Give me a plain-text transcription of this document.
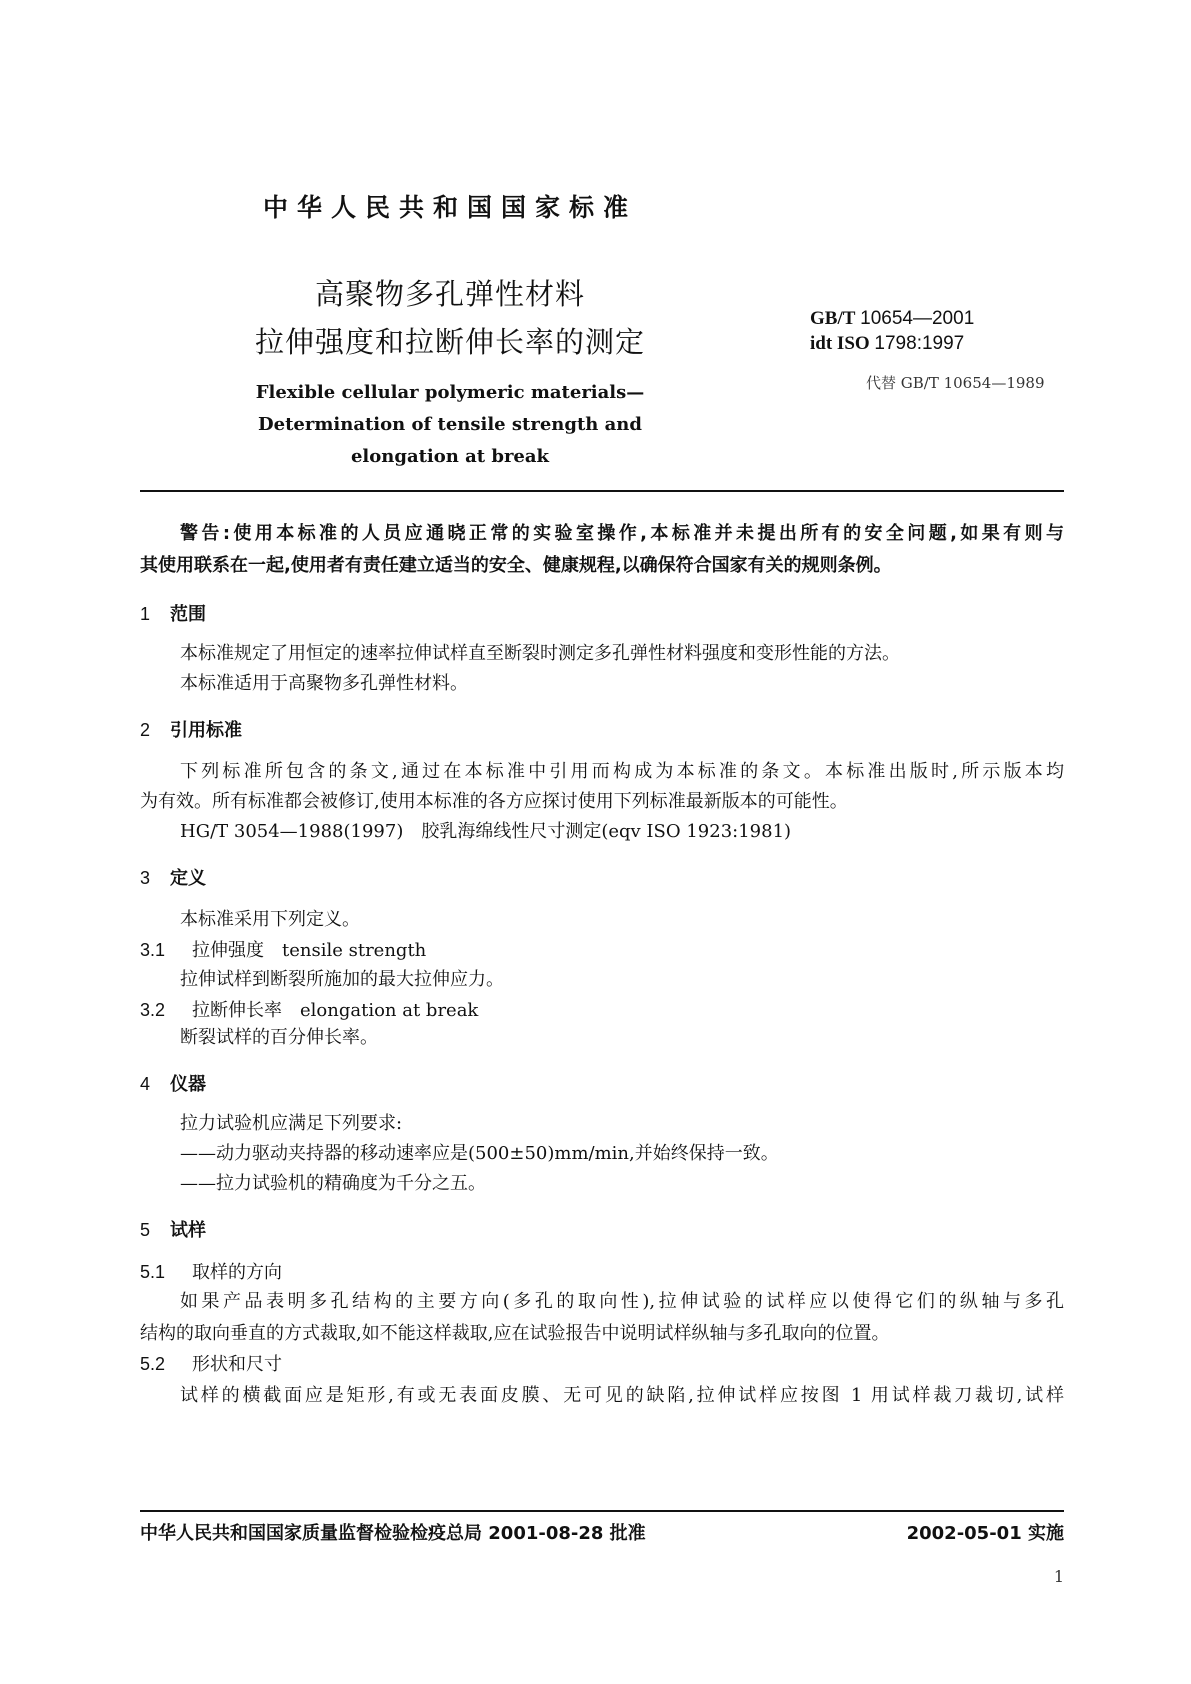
中华人民共和国国家标准
高聚物多孔弹性材料
拉伸强度和拉断伸长率的测定
Flexible cellular polymeric materials—
Determination of tensile strength and
elongation at break
GB/T 10654—2001
idt ISO 1798:1997
代替 GB/T 10654—1989
警告:使用本标准的人员应通晓正常的实验室操作,本标准并未提出所有的安全问题,如果有则与
其使用联系在一起,使用者有责任建立适当的安全、健康规程,以确保符合国家有关的规则条例。
1 范围
本标准规定了用恒定的速率拉伸试样直至断裂时测定多孔弹性材料强度和变形性能的方法。
本标准适用于高聚物多孔弹性材料。
2 引用标准
下列标准所包含的条文,通过在本标准中引用而构成为本标准的条文。本标准出版时,所示版本均
为有效。所有标准都会被修订,使用本标准的各方应探讨使用下列标准最新版本的可能性。
HG/T 3054—1988(1997)　胶乳海绵线性尺寸测定(eqv ISO 1923:1981)
3 定义
本标准采用下列定义。
3.1 拉伸强度　tensile strength
拉伸试样到断裂所施加的最大拉伸应力。
3.2 拉断伸长率　elongation at break
断裂试样的百分伸长率。
4 仪器
拉力试验机应满足下列要求:
——动力驱动夹持器的移动速率应是(500±50)mm/min,并始终保持一致。
——拉力试验机的精确度为千分之五。
5 试样
5.1 取样的方向
如果产品表明多孔结构的主要方向(多孔的取向性),拉伸试验的试样应以使得它们的纵轴与多孔
结构的取向垂直的方式裁取,如不能这样裁取,应在试验报告中说明试样纵轴与多孔取向的位置。
5.2 形状和尺寸
试样的横截面应是矩形,有或无表面皮膜、无可见的缺陷,拉伸试样应按图 1 用试样裁刀裁切,试样
中华人民共和国国家质量监督检验检疫总局 2001-08-28 批准	2002-05-01 实施
1
